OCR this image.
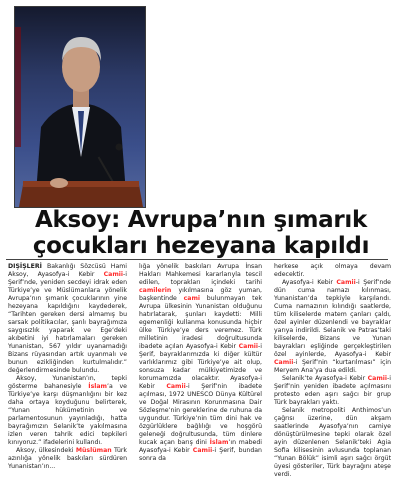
Aksoy: Avrupa’nın şımarık
çocukları hezeyana kapıldı

DIŞİŞLERİ Bakanlığı Sözcüsü Hami Aksoy, Ayasofya-i Kebir Camii-i Şerif’nde, yeniden secdeyi idrak eden Türkiye’ye ve Müslümanlara yönelik Avrupa’nın şımarık çocuklarının yine hezeyana kapıldığını kaydederek, “Tarihten gereken dersi almamış bu sarsak politikacılar, şanlı bayrağımıza saygısızlık yaparak ve Ege’deki akıbetini iyi hatırlamaları gereken Yunanistan, 567 yıldır uyanamadığı Bizans rüyasından artık uyanmalı ve bunun ezikliğinden kurtulmalıdır.” değerlendirmesinde bulundu.

Aksoy, Yunanistan’ın, tepki gösterme bahanesiyle İslam’a ve Türkiye’ye karşı düşmanlığını bir kez daha ortaya koyduğunu belirterek, “Yunan hükümetinin ve parlamentosunun yayınladığı, hatta bayrağımızın Selanik’te yakılmasına izlen veren tahrik edici tepkileri kınıyoruz.” ifadelerini kullandı.

Aksoy, ülkesindeki Müslüman Türk azınlığa yönelik baskıları sürdüren Yunanistan’ın...

lığa yönelik baskıları Avrupa İnsan Hakları Mahkemesi kararlarıyla tescil edilen, toprakları içindeki tarihi camilerin yıkılmasına göz yuman, başkentinde cami bulunmayan tek Avrupa ülkesinin Yunanistan olduğunu hatırlatarak, şunları kaydetti: Milli egemenliği kullanma konusunda hiçbir ülke Türkiye’ye ders veremez. Türk milletinin iradesi doğrultusunda ibadete açılan Ayasofya-i Kebir Camii-i Şerif, bayraklarımızda ki diğer kültür varlıklarımız gibi Türkiye’ye ait olup, sonsuza kadar mülkiyetimizde ve korumamızda olacaktır. Ayasofya-i Kebir Camii-i Şerif’nin ibadete açılması, 1972 UNESCO Dünya Kültürel ve Doğal Mirasının Korunmasına Dair Sözleşme’nin gereklerine de ruhuna da uygundur. Türkiye’nin tüm dini hak ve özgürlüklere bağlılığı ve hoşgörü geleneği doğrultusunda, tüm dinlere kucak açan barış dini İslam’ın mabedi Ayasofya-i Kebir Camii-i Şerif, bundan sonra da

herkese açık olmaya devam edecektir.

Ayasofya-i Kebir Camii-i Şerif’nde dün cuma namazı kılınması, Yunanistan’da tepkiyle karşılandı. Cuma namazının kılındığı saatlerde, tüm kiliselerde matem çanları çaldı, özel ayinler düzenlendi ve bayraklar yarıya indirildi. Selanik ve Patras’taki kiliselerde, Bizans ve Yunan bayrakları eşliğinde gerçekleştirilen özel ayinlerde, Ayasofya-i Kebir Camii-i Şerif’nin “kurtarılması” için Meryem Ana’ya dua edildi.

Selanik’te Ayasofya-i Kebir Camii-i Şerif’nin yeniden ibadete açılmasını protesto eden aşırı sağcı bir grup Türk bayrakları yaktı.

Selanik metropoliti Anthimos’un çağrısı üzerine, dün akşam saatlerinde Ayasofya’nın camiye dönüştürülmesine tepki olarak özel ayin düzenlenen Selanik’teki Agia Sofia kilisesinin avlusunda toplanan “Yunan Bölük” isimli aşırı sağcı örgüt üyesi gösteriler, Türk bayrağını ateşe verdi.
